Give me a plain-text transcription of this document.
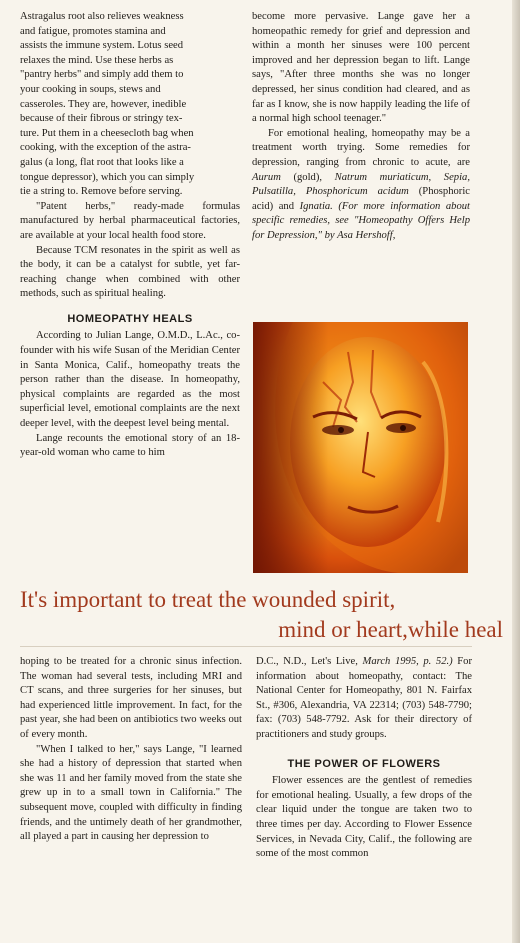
Astragalus root also relieves weakness
and fatigue, promotes stamina and
assists the immune system. Lotus seed
relaxes the mind. Use these herbs as
"pantry herbs" and simply add them to
your cooking in soups, stews and
casseroles. They are, however, inedible
because of their fibrous or stringy tex-
ture. Put them in a cheesecloth bag when
cooking, with the exception of the astra-
galus (a long, flat root that looks like a
tongue depressor), which you can simply
tie a string to. Remove before serving.

"Patent herbs," ready-made formulas manufactured by herbal pharmaceutical factories, are available at your local health food store.

Because TCM resonates in the spirit as well as the body, it can be a catalyst for subtle, yet far-reaching change when combined with other methods, such as spiritual healing.

HOMEOPATHY HEALS

According to Julian Lange, O.M.D., L.Ac., co-founder with his wife Susan of the Meridian Center in Santa Monica, Calif., homeopathy treats the person rather than the disease. In homeopathy, physical complaints are regarded as the most superficial level, emotional complaints are the next deeper level, with the deepest level being mental.

Lange recounts the emotional story of an 18-year-old woman who came to him

become more pervasive. Lange gave her a homeopathic remedy for grief and depression and within a month her sinuses were 100 percent improved and her depression began to lift. Lange says, "After three months she was no longer depressed, her sinus condition had cleared, and as far as I know, she is now happily leading the life of a normal high school teenager."

For emotional healing, homeopathy may be a treatment worth trying. Some remedies for depression, ranging from chronic to acute, are Aurum (gold), Natrum muriaticum, Sepia, Pulsatilla, Phosphoricum acidum (Phosphoric acid) and Ignatia. (For more information about specific remedies, see "Homeopathy Offers Help for Depression," by Asa Hershoff,

It's important to treat the wounded spirit,
mind or heart,while heal

hoping to be treated for a chronic sinus infection. The woman had several tests, including MRI and CT scans, and three surgeries for her sinuses, but had experienced little improvement. In fact, for the past year, she had been on antibiotics two weeks out of every month.

"When I talked to her," says Lange, "I learned she had a history of depression that started when she was 11 and her family moved from the state she grew up in to a small town in California." The subsequent move, coupled with difficulty in finding friends, and the untimely death of her grandmother, all played a part in causing her depression to

D.C., N.D., Let's Live, March 1995, p. 52.) For information about homeopathy, contact: The National Center for Homeopathy, 801 N. Fairfax St., #306, Alexandria, VA 22314; (703) 548-7790; fax: (703) 548-7792. Ask for their directory of practitioners and study groups.

THE POWER OF FLOWERS

Flower essences are the gentlest of remedies for emotional healing. Usually, a few drops of the clear liquid under the tongue are taken two to three times per day. According to Flower Essence Services, in Nevada City, Calif., the following are some of the most common
